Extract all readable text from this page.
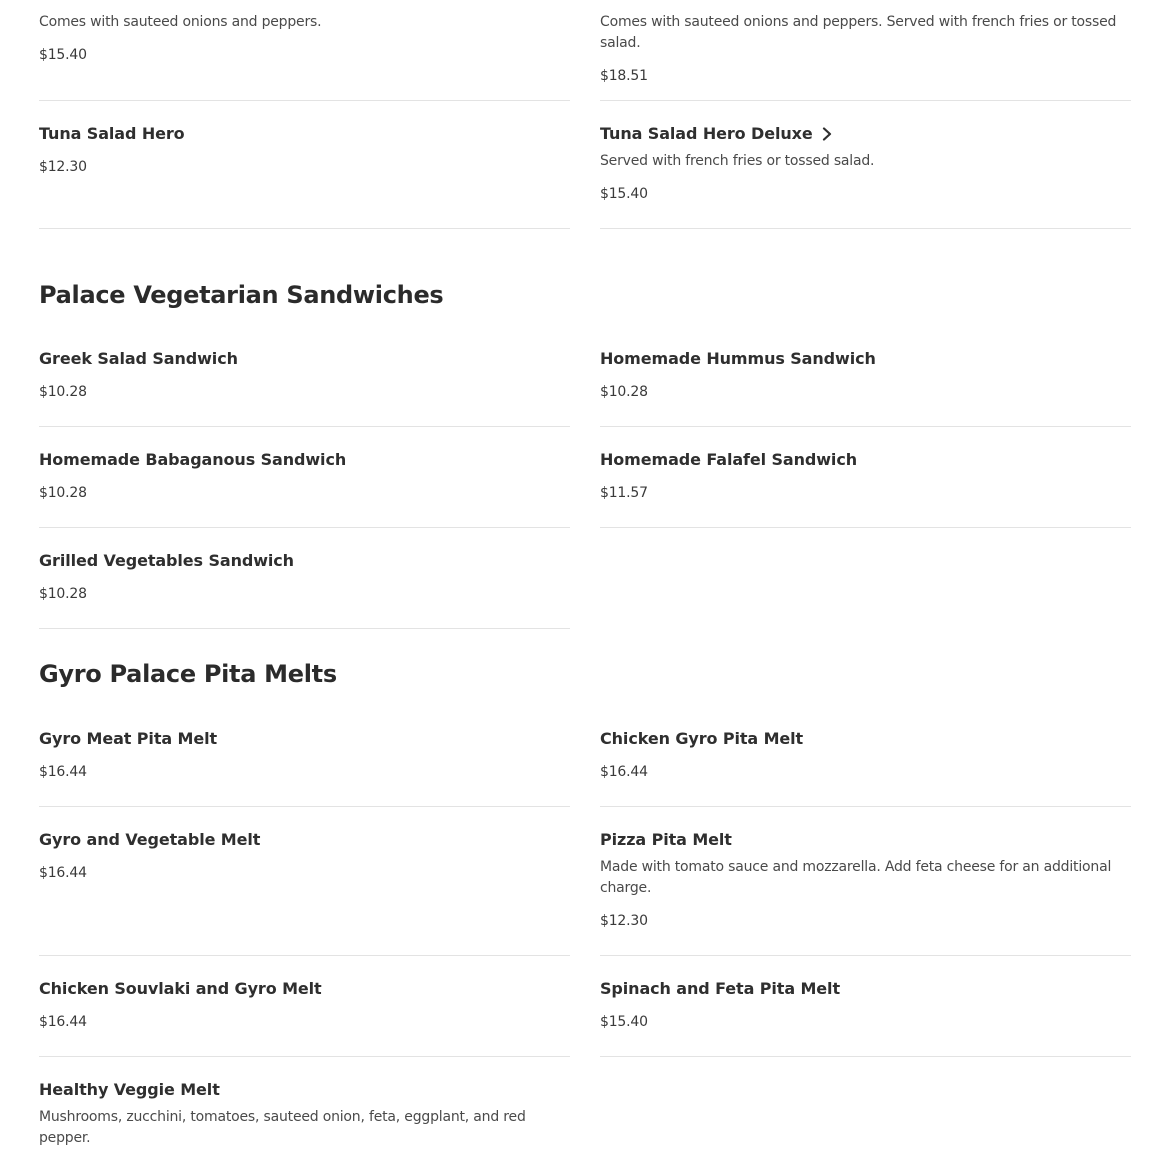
Comes with sauteed onions and peppers.
$15.40
Comes with sauteed onions and peppers. Served with french fries or tossed salad.
$18.51
Tuna Salad Hero
$12.30
Tuna Salad Hero Deluxe
Served with french fries or tossed salad.
$15.40
Palace Vegetarian Sandwiches
Greek Salad Sandwich
$10.28
Homemade Hummus Sandwich
$10.28
Homemade Babaganous Sandwich
$10.28
Homemade Falafel Sandwich
$11.57
Grilled Vegetables Sandwich
$10.28
Gyro Palace Pita Melts
Gyro Meat Pita Melt
$16.44
Chicken Gyro Pita Melt
$16.44
Gyro and Vegetable Melt
$16.44
Pizza Pita Melt
Made with tomato sauce and mozzarella. Add feta cheese for an additional charge.
$12.30
Chicken Souvlaki and Gyro Melt
$16.44
Spinach and Feta Pita Melt
$15.40
Healthy Veggie Melt
Mushrooms, zucchini, tomatoes, sauteed onion, feta, eggplant, and red pepper.
